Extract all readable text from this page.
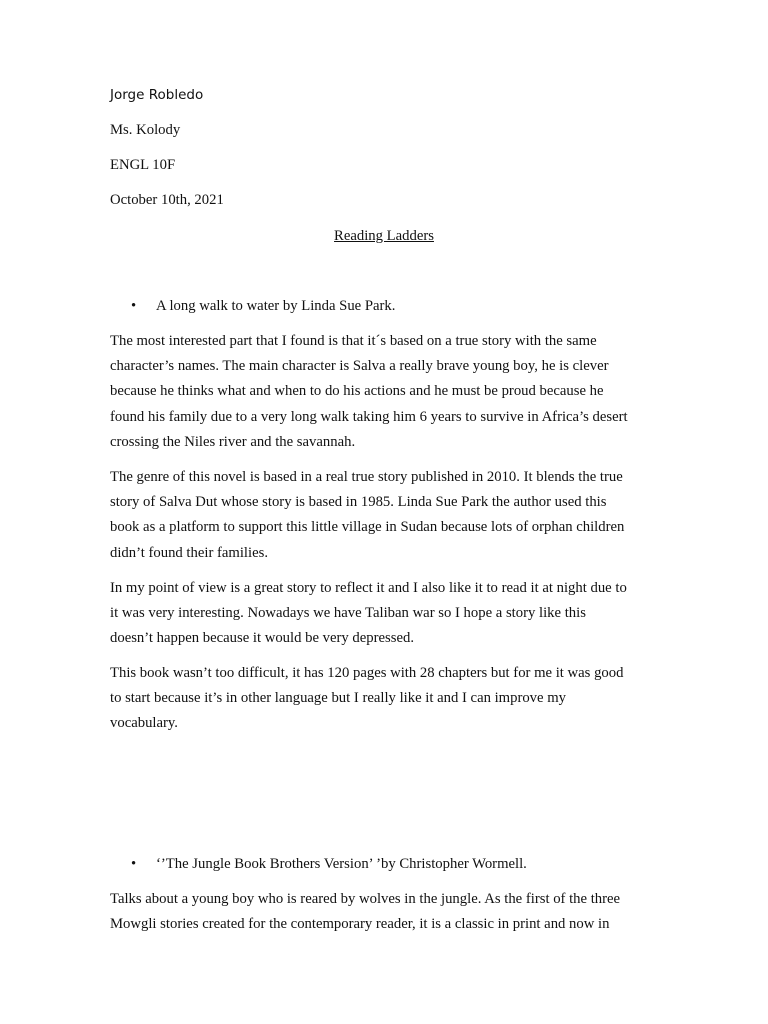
Jorge Robledo

Ms. Kolody

ENGL 10F

October 10th, 2021

Reading Ladders

• A long walk to water by Linda Sue Park.

The most interested part that I found is that it´s based on a true story with the same
character’s names. The main character is Salva a really brave young boy, he is clever
because he thinks what and when to do his actions and he must be proud because he
found his family due to a very long walk taking him 6 years to survive in Africa’s desert
crossing the Niles river and the savannah.

The genre of this novel is based in a real true story published in 2010. It blends the true
story of Salva Dut whose story is based in 1985. Linda Sue Park the author used this
book as a platform to support this little village in Sudan because lots of orphan children
didn’t found their families.

In my point of view is a great story to reflect it and I also like it to read it at night due to
it was very interesting. Nowadays we have Taliban war so I hope a story like this
doesn’t happen because it would be very depressed.

This book wasn’t too difficult, it has 120 pages with 28 chapters but for me it was good
to start because it’s in other language but I really like it and I can improve my
vocabulary.

• ‘’The Jungle Book Brothers Version’ ’by Christopher Wormell.

Talks about a young boy who is reared by wolves in the jungle. As the first of the three
Mowgli stories created for the contemporary reader, it is a classic in print and now in
